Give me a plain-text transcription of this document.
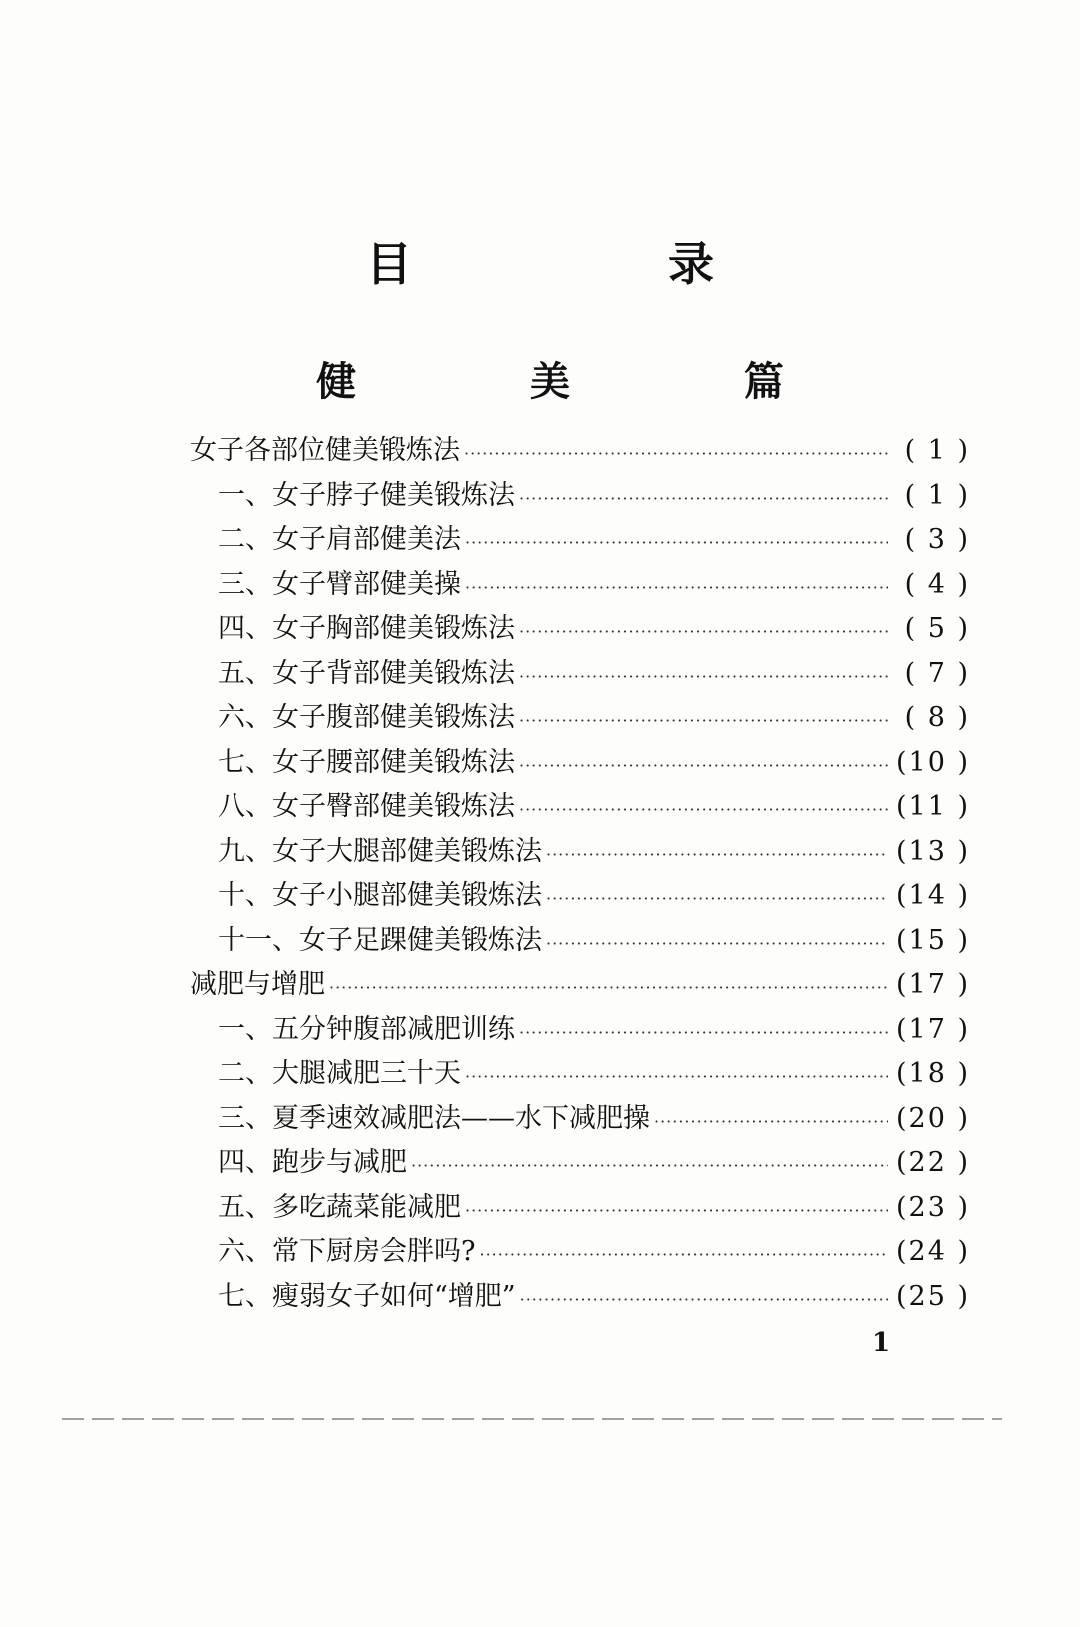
目 录
健 美 篇
女子各部位健美锻炼法 ·····	( 1 )
一、女子脖子健美锻炼法 ·····	( 1 )
二、女子肩部健美法 ·····	( 3 )
三、女子臂部健美操 ·····	( 4 )
四、女子胸部健美锻炼法 ·····	( 5 )
五、女子背部健美锻炼法 ·····	( 7 )
六、女子腹部健美锻炼法 ·····	( 8 )
七、女子腰部健美锻炼法 ·····	(10 )
八、女子臀部健美锻炼法 ·····	(11 )
九、女子大腿部健美锻炼法 ·····	(13 )
十、女子小腿部健美锻炼法 ·····	(14 )
十一、女子足踝健美锻炼法 ·····	(15 )
减肥与增肥 ·····	(17 )
一、五分钟腹部减肥训练 ·····	(17 )
二、大腿减肥三十天 ·····	(18 )
三、夏季速效减肥法——水下减肥操 ·····	(20 )
四、跑步与减肥 ·····	(22 )
五、多吃蔬菜能减肥 ·····	(23 )
六、常下厨房会胖吗? ·····	(24 )
七、瘦弱女子如何“增肥” ·····	(25 )
1
